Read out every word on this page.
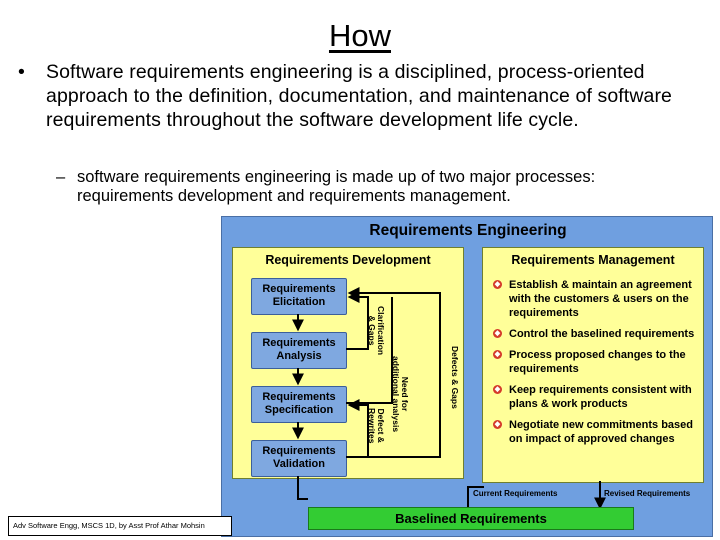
How
• Software requirements engineering is a disciplined, process-oriented approach to the definition, documentation, and maintenance of software requirements throughout the software development life cycle.
– software requirements engineering is made up of two major processes: requirements development and requirements management.
Requirements Engineering
Requirements Development
Requirements
Elicitation
Requirements
Analysis
Requirements
Specification
Requirements
Validation
Clarification
& Gaps
Need for
additional analysis
Defect &
Rewrites
Defects & Gaps
Requirements Management
◆ Establish & maintain an agreement with the customers & users on the requirements
◆ Control the baselined requirements
◆ Process proposed changes to the requirements
◆ Keep requirements consistent with plans & work products
◆ Negotiate new commitments based on impact of approved changes
Current Requirements	Revised Requirements
Baselined Requirements
Adv Software Engg, MSCS 1D, by Asst Prof Athar Mohsin
